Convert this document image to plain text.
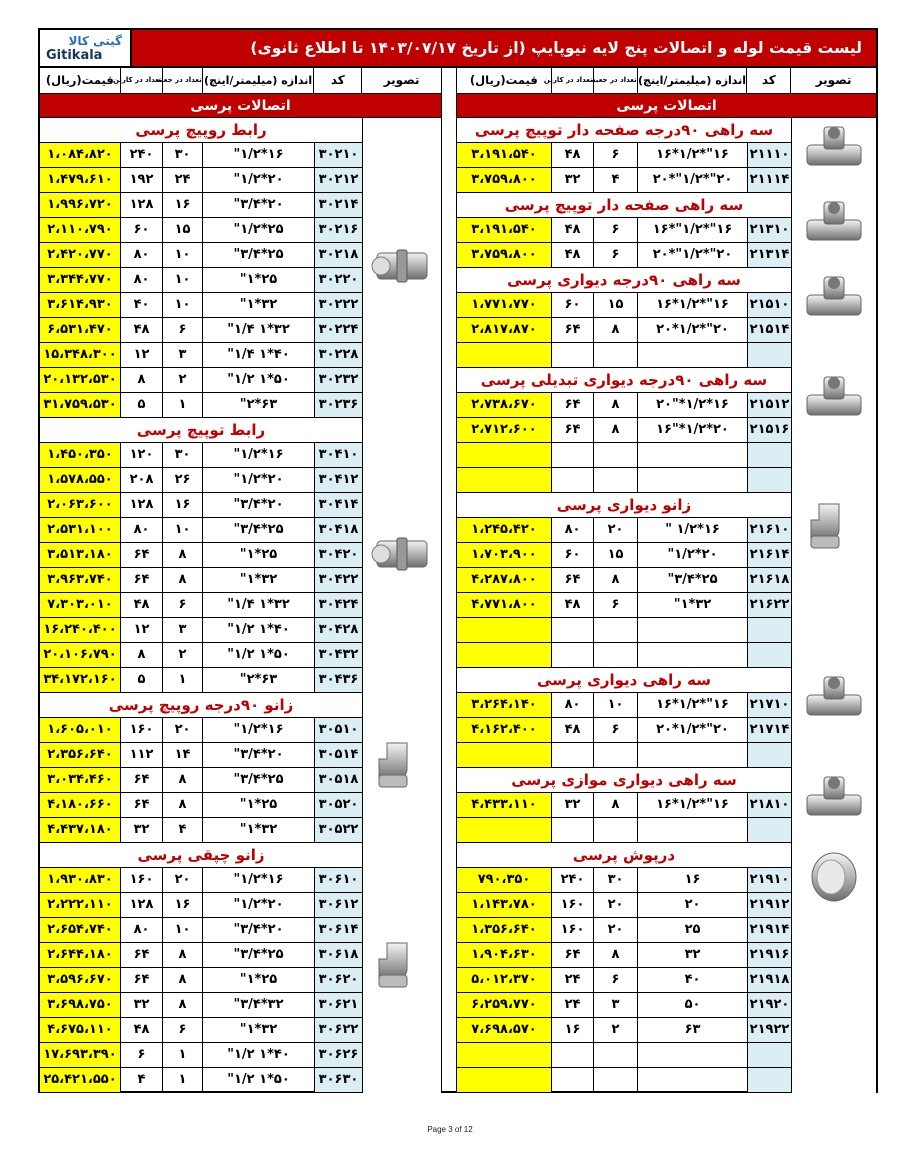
گیتی کالا
Gitikala	لیست قیمت لوله و اتصالات پنج لایه نیوپایپ (از تاریخ ۱۴۰۳/۰۷/۱۷ تا اطلاع ثانوی)
تصویر
کد
اندازه (میلیمتر/اینچ)
تعداد در جعبه
تعداد در کارتن
قیمت(ریال)
اتصالات پرسی
رابط روپیچ پرسی
۳۰۲۱۰
۱۶*۱/۲"
۳۰
۲۴۰
۱،۰۸۴،۸۲۰
۳۰۲۱۲
۲۰*۱/۲"
۲۴
۱۹۲
۱،۴۷۹،۶۱۰
۳۰۲۱۴
۲۰*۳/۴"
۱۶
۱۲۸
۱،۹۹۶،۷۲۰
۳۰۲۱۶
۲۵*۱/۲"
۱۵
۶۰
۲،۱۱۰،۷۹۰
۳۰۲۱۸
۲۵*۳/۴"
۱۰
۸۰
۲،۴۲۰،۷۷۰
۳۰۲۲۰
۲۵*۱"
۱۰
۸۰
۳،۳۴۴،۷۷۰
۳۰۲۲۲
۳۲*۱"
۱۰
۴۰
۳،۶۱۴،۹۳۰
۳۰۲۲۴
۳۲*۱ ۱/۴"
۶
۴۸
۶،۵۳۱،۴۷۰
۳۰۲۲۸
۴۰*۱ ۱/۴"
۳
۱۲
۱۵،۳۴۸،۳۰۰
۳۰۲۳۲
۵۰*۱ ۱/۲"
۲
۸
۲۰،۱۳۲،۵۳۰
۳۰۲۳۶
۶۳*۲"
۱
۵
۳۱،۷۵۹،۵۳۰
رابط توپیچ پرسی
۳۰۴۱۰
۱۶*۱/۲"
۳۰
۱۲۰
۱،۴۵۰،۳۵۰
۳۰۴۱۲
۲۰*۱/۲"
۲۶
۲۰۸
۱،۵۷۸،۵۵۰
۳۰۴۱۴
۲۰*۳/۴"
۱۶
۱۲۸
۲،۰۶۳،۶۰۰
۳۰۴۱۸
۲۵*۳/۴"
۱۰
۸۰
۲،۵۳۱،۱۰۰
۳۰۴۲۰
۲۵*۱"
۸
۶۴
۳،۵۱۳،۱۸۰
۳۰۴۲۲
۳۲*۱"
۸
۶۴
۳،۹۶۳،۷۴۰
۳۰۴۲۴
۳۲*۱ ۱/۴"
۶
۴۸
۷،۳۰۳،۰۱۰
۳۰۴۲۸
۴۰*۱ ۱/۲"
۳
۱۲
۱۶،۲۴۰،۴۰۰
۳۰۴۳۲
۵۰*۱ ۱/۲"
۲
۸
۲۰،۱۰۶،۷۹۰
۳۰۴۳۶
۶۳*۲"
۱
۵
۳۴،۱۷۲،۱۶۰
زانو ۹۰درجه روپیچ پرسی
۳۰۵۱۰
۱۶*۱/۲"
۲۰
۱۶۰
۱،۶۰۵،۰۱۰
۳۰۵۱۴
۲۰*۳/۴"
۱۴
۱۱۲
۲،۳۵۶،۶۴۰
۳۰۵۱۸
۲۵*۳/۴"
۸
۶۴
۳،۰۳۴،۴۶۰
۳۰۵۲۰
۲۵*۱"
۸
۶۴
۴،۱۸۰،۶۶۰
۳۰۵۲۲
۳۲*۱"
۴
۳۲
۴،۴۳۷،۱۸۰
زانو چپقی پرسی
۳۰۶۱۰
۱۶*۱/۲"
۲۰
۱۶۰
۱،۹۳۰،۸۳۰
۳۰۶۱۲
۲۰*۱/۲"
۱۶
۱۲۸
۲،۲۲۲،۱۱۰
۳۰۶۱۴
۲۰*۳/۴"
۱۰
۸۰
۲،۶۵۴،۷۴۰
۳۰۶۱۸
۲۵*۳/۴"
۸
۶۴
۲،۶۴۴،۱۸۰
۳۰۶۲۰
۲۵*۱"
۸
۶۴
۳،۵۹۶،۶۷۰
۳۰۶۲۱
۳۲*۳/۴"
۸
۳۲
۳،۶۹۸،۷۵۰
۳۰۶۲۲
۳۲*۱"
۶
۴۸
۴،۶۷۵،۱۱۰
۳۰۶۲۶
۴۰*۱ ۱/۲"
۱
۶
۱۷،۶۹۳،۳۹۰
۳۰۶۳۰
۵۰*۱ ۱/۲"
۱
۴
۲۵،۴۲۱،۵۵۰
تصویر
کد
اندازه (میلیمتر/اینچ)
تعداد در جعبه
تعداد در کارتن
قیمت(ریال)
اتصالات پرسی
سه راهی ۹۰درجه صفحه دار توپیچ پرسی
۲۱۱۱۰
۱۶"*۱/۲*۱۶
۶
۴۸
۳،۱۹۱،۵۴۰
۲۱۱۱۴
۲۰"*۱/۲"*۲۰
۴
۳۲
۳،۷۵۹،۸۰۰
سه راهی صفحه دار توپیچ پرسی
۲۱۳۱۰
۱۶"*۱/۲"*۱۶
۶
۴۸
۳،۱۹۱،۵۴۰
۲۱۳۱۴
۲۰"*۱/۲"*۲۰
۶
۴۸
۳،۷۵۹،۸۰۰
سه راهی ۹۰درجه دیواری پرسی
۲۱۵۱۰
۱۶"*۱/۲*۱۶
۱۵
۶۰
۱،۷۷۱،۷۷۰
۲۱۵۱۴
۲۰"*۱/۲*۲۰
۸
۶۴
۲،۸۱۷،۸۷۰
سه راهی ۹۰درجه دیواری تبدیلی پرسی
۲۱۵۱۲
۱۶*۱/۲*"۲۰
۸
۶۴
۲،۷۳۸،۶۷۰
۲۱۵۱۶
۲۰*۱/۲*"۱۶
۸
۶۴
۲،۷۱۲،۶۰۰
زانو دیواری پرسی
۲۱۶۱۰
۱۶*۱/۲ "
۲۰
۸۰
۱،۲۴۵،۴۲۰
۲۱۶۱۴
۲۰*۱/۲"
۱۵
۶۰
۱،۷۰۳،۹۰۰
۲۱۶۱۸
۲۵*۳/۴"
۸
۶۴
۴،۲۸۷،۸۰۰
۲۱۶۲۲
۳۲*۱"
۶
۴۸
۴،۷۷۱،۸۰۰
سه راهی دیواری پرسی
۲۱۷۱۰
۱۶"*۱/۲*۱۶
۱۰
۸۰
۳،۲۶۴،۱۴۰
۲۱۷۱۴
۲۰"*۱/۲*۲۰
۶
۴۸
۴،۱۶۲،۴۰۰
سه راهی دیواری موازی پرسی
۲۱۸۱۰
۱۶"*۱/۲*۱۶
۸
۳۲
۴،۴۳۳،۱۱۰
درپوش پرسی
۲۱۹۱۰
۱۶
۳۰
۲۴۰
۷۹۰،۳۵۰
۲۱۹۱۲
۲۰
۲۰
۱۶۰
۱،۱۴۳،۷۸۰
۲۱۹۱۴
۲۵
۲۰
۱۶۰
۱،۳۵۶،۶۴۰
۲۱۹۱۶
۳۲
۸
۶۴
۱،۹۰۴،۶۳۰
۲۱۹۱۸
۴۰
۶
۲۴
۵،۰۱۲،۳۷۰
۲۱۹۲۰
۵۰
۳
۲۴
۶،۲۵۹،۷۷۰
۲۱۹۲۲
۶۳
۲
۱۶
۷،۶۹۸،۵۷۰
Page 3 of 12
